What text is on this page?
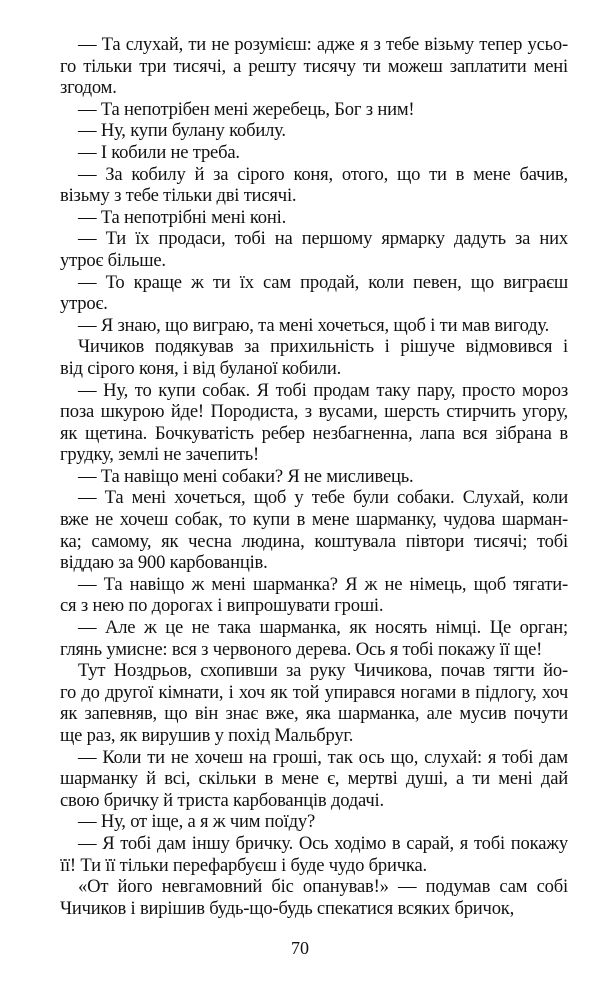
— Та слухай, ти не розумієш: адже я з тебе візьму тепер усьо-
го тільки три тисячі, а решту тисячу ти можеш заплатити мені
згодом.
— Та непотрібен мені жеребець, Бог з ним!
— Ну, купи булану кобилу.
— І кобили не треба.
— За кобилу й за сірого коня, отого, що ти в мене бачив,
візьму з тебе тільки дві тисячі.
— Та непотрібні мені коні.
— Ти їх продаси, тобі на першому ярмарку дадуть за них
утроє більше.
— То краще ж ти їх сам продай, коли певен, що виграєш
утроє.
— Я знаю, що виграю, та мені хочеться, щоб і ти мав вигоду.
Чичиков подякував за прихильність і рішуче відмовився і
від сірого коня, і від буланої кобили.
— Ну, то купи собак. Я тобі продам таку пару, просто мороз
поза шкурою йде! Породиста, з вусами, шерсть стирчить угору,
як щетина. Бочкуватість ребер незбагненна, лапа вся зібрана в
грудку, землі не зачепить!
— Та навіщо мені собаки? Я не мисливець.
— Та мені хочеться, щоб у тебе були собаки. Слухай, коли
вже не хочеш собак, то купи в мене шарманку, чудова шарман-
ка; самому, як чесна людина, коштувала півтори тисячі; тобі
віддаю за 900 карбованців.
— Та навіщо ж мені шарманка? Я ж не німець, щоб тягати-
ся з нею по дорогах і випрошувати гроші.
— Але ж це не така шарманка, як носять німці. Це орган;
глянь умисне: вся з червоного дерева. Ось я тобі покажу її ще!
Тут Ноздрьов, схопивши за руку Чичикова, почав тягти йо-
го до другої кімнати, і хоч як той упирався ногами в підлогу, хоч
як запевняв, що він знає вже, яка шарманка, але мусив почути
ще раз, як вирушив у похід Мальбруг.
— Коли ти не хочеш на гроші, так ось що, слухай: я тобі дам
шарманку й всі, скільки в мене є, мертві душі, а ти мені дай
свою бричку й триста карбованців додачі.
— Ну, от іще, а я ж чим поїду?
— Я тобі дам іншу бричку. Ось ходімо в сарай, я тобі покажу
її! Ти її тільки перефарбуєш і буде чудо бричка.
«От його невгамовний біс опанував!» — подумав сам собі
Чичиков і вирішив будь-що-будь спекатися всяких бричок,
70
